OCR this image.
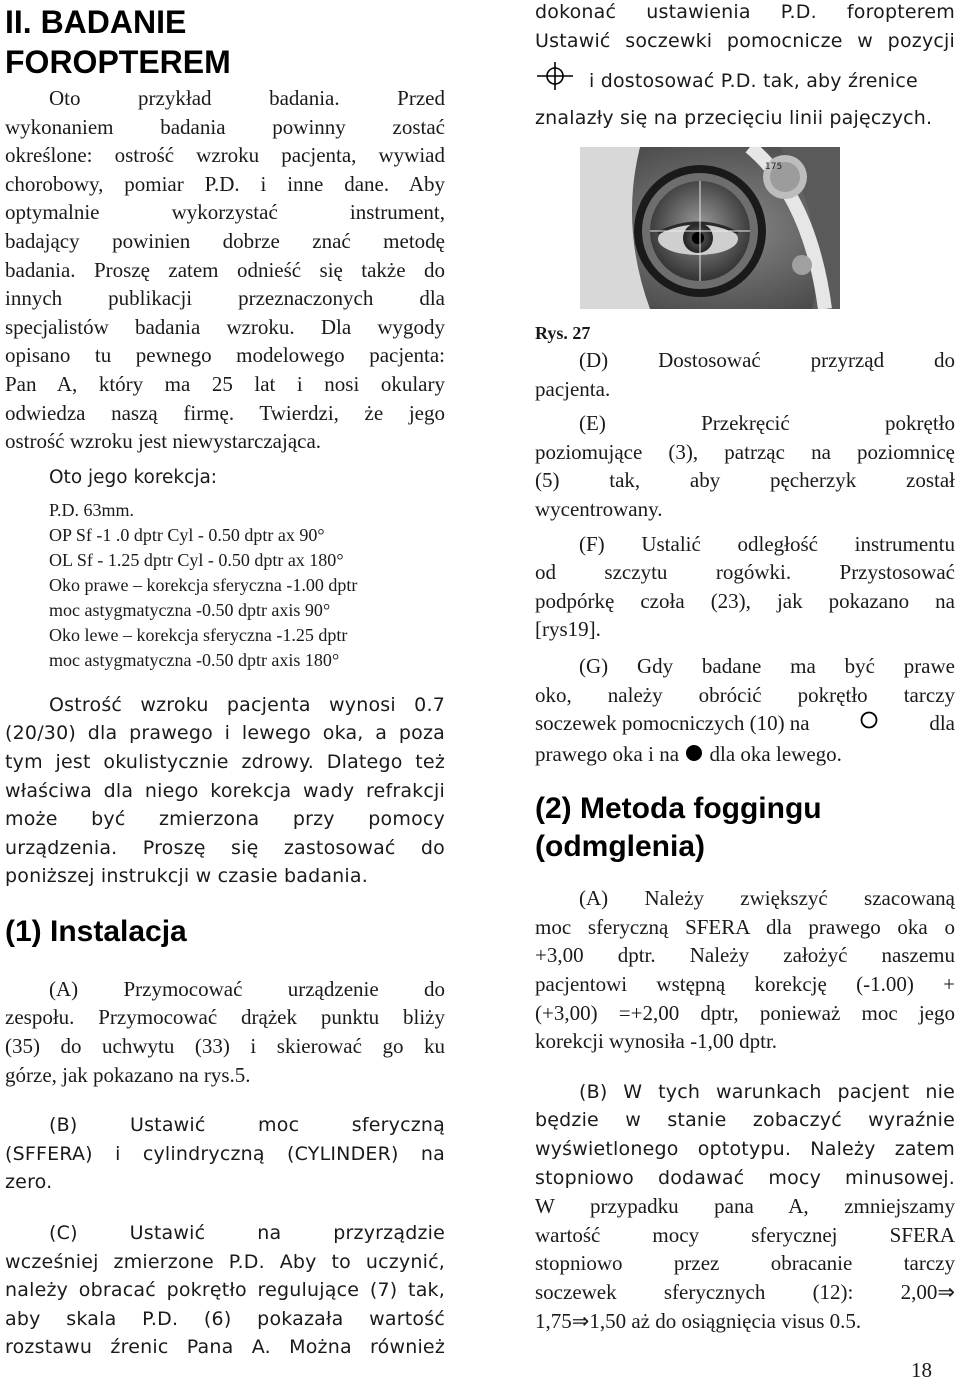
II. BADANIE
FOROPTEREM

Oto przykład badania. Przed

wykonaniem badania powinny zostać

określone: ostrość wzroku pacjenta, wywiad

chorobowy, pomiar P.D. i inne dane. Aby

optymalnie wykorzystać instrument,

badający powinien dobrze znać metodę

badania. Proszę zatem odnieść się także do

innych publikacji przeznaczonych dla

specjalistów badania wzroku. Dla wygody

opisano tu pewnego modelowego pacjenta:

Pan A, który ma 25 lat i nosi okulary

odwiedza naszą firmę. Twierdzi, że jego

ostrość wzroku jest niewystarczająca.

Oto jego korekcja:

P.D. 63mm.

OP Sf -1 .0 dptr Cyl - 0.50 dptr ax 90°

OL Sf - 1.25 dptr Cyl - 0.50 dptr ax 180°

Oko prawe – korekcja sferyczna -1.00 dptr

moc astygmatyczna -0.50 dptr axis 90°

Oko lewe – korekcja sferyczna -1.25 dptr

moc astygmatyczna -0.50 dptr axis 180°

Ostrość wzroku pacjenta wynosi 0.7

(20/30) dla prawego i lewego oka, a poza

tym jest okulistycznie zdrowy. Dlatego też

właściwa dla niego korekcja wady refrakcji

może być zmierzona przy pomocy

urządzenia. Proszę się zastosować do

poniższej instrukcji w czasie badania.

(1) Instalacja

(A) Przymocować urządzenie do

zespołu. Przymocować drążek punktu bliży

(35) do uchwytu (33) i skierować go ku

górze, jak pokazano na rys.5.

(B) Ustawić moc sferyczną

(SFFERA) i cylindryczną (CYLINDER) na

zero.

(C) Ustawić na przyrządzie

wcześniej zmierzone P.D. Aby to uczynić,

należy obracać pokrętło regulujące (7) tak,

aby skala P.D. (6) pokazała wartość

rozstawu źrenic Pana A. Można również

dokonać ustawienia P.D. foropterem

Ustawić soczewki pomocnicze w pozycji

i dostosować P.D. tak, aby źrenice

znalazły się na przecięciu linii pajęczych.

175

Rys. 27

(D) Dostosować przyrząd do

pacjenta.

(E) Przekręcić pokrętło

poziomujące (3), patrząc na poziomnicę

(5) tak, aby pęcherzyk został

wycentrowany.

(F) Ustalić odległość instrumentu

od szczytu rogówki. Przystosować

podpórkę czoła (23), jak pokazano na

[rys19].

(G) Gdy badane ma być prawe

oko, należy obrócić pokrętło tarczy

soczewek pomocniczych (10) na	dla

prawego oka i na dla oka lewego.

(2) Metoda foggingu
(odmglenia)

(A) Należy zwiększyć szacowaną

moc sferyczną SFERA dla prawego oka o

+3,00 dptr. Należy założyć naszemu

pacjentowi wstępną korekcję (-1.00) +

(+3,00) =+2,00 dptr, ponieważ moc jego

korekcji wynosiła -1,00 dptr.

(B) W tych warunkach pacjent nie

będzie w stanie zobaczyć wyraźnie

wyświetlonego optotypu. Należy zatem

stopniowo dodawać mocy minusowej.

W przypadku pana A, zmniejszamy

wartość mocy sferycznej SFERA

stopniowo przez obracanie tarczy

soczewek sferycznych (12): 2,00⇒

1,75⇒1,50 aż do osiągnięcia visus 0.5.

18
